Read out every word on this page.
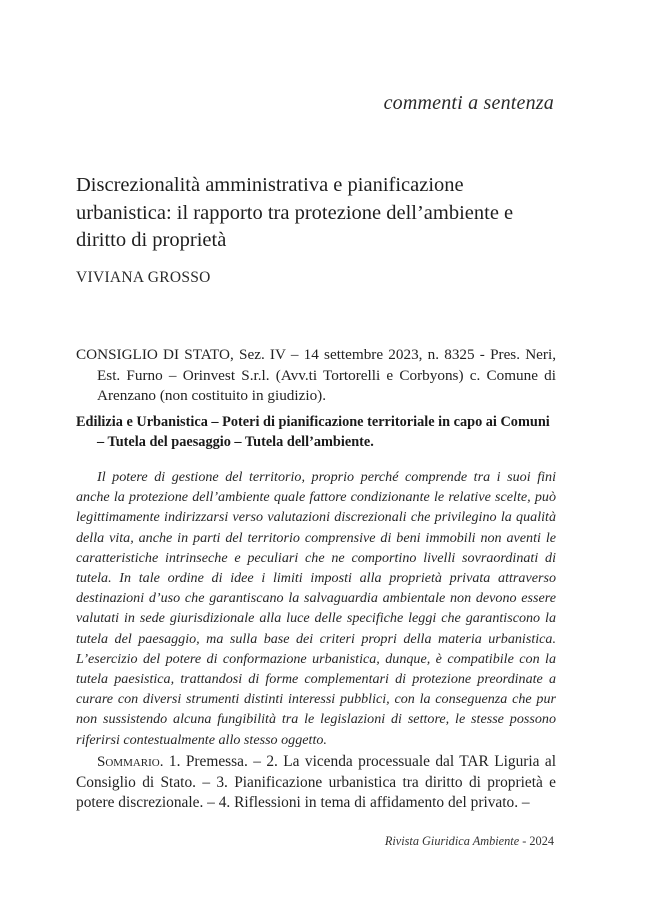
commenti a sentenza
Discrezionalità amministrativa e pianificazione urbanistica: il rapporto tra protezione dell’ambiente e diritto di proprietà
VIVIANA GROSSO
CONSIGLIO DI STATO, Sez. IV – 14 settembre 2023, n. 8325 - Pres. Neri, Est. Furno – Orinvest S.r.l. (Avv.ti Tortorelli e Corbyons) c. Comune di Arenzano (non costituito in giudizio).
Edilizia e Urbanistica – Poteri di pianificazione territoriale in capo ai Comuni – Tutela del paesaggio – Tutela dell’ambiente.
Il potere di gestione del territorio, proprio perché comprende tra i suoi fini anche la protezione dell’ambiente quale fattore condizionante le relative scelte, può legittimamente indirizzarsi verso valutazioni discrezionali che privilegino la qualità della vita, anche in parti del territorio comprensive di beni immobili non aventi le caratteristiche intrinseche e peculiari che ne comportino livelli sovraordinati di tutela. In tale ordine di idee i limiti imposti alla proprietà privata attraverso destinazioni d’uso che garantiscano la salvaguardia ambientale non devono essere valutati in sede giurisdizionale alla luce delle specifiche leggi che garantiscono la tutela del paesaggio, ma sulla base dei criteri propri della materia urbanistica. L’esercizio del potere di conformazione urbanistica, dunque, è compatibile con la tutela paesistica, trattandosi di forme complementari di protezione preordinate a curare con diversi strumenti distinti interessi pubblici, con la conseguenza che pur non sussistendo alcuna fungibilità tra le legislazioni di settore, le stesse possono riferirsi contestualmente allo stesso oggetto.
Sommario. 1. Premessa. – 2. La vicenda processuale dal TAR Liguria al Consiglio di Stato. – 3. Pianificazione urbanistica tra diritto di proprietà e potere discrezionale. – 4. Riflessioni in tema di affidamento del privato. –
Rivista Giuridica Ambiente - 2024
